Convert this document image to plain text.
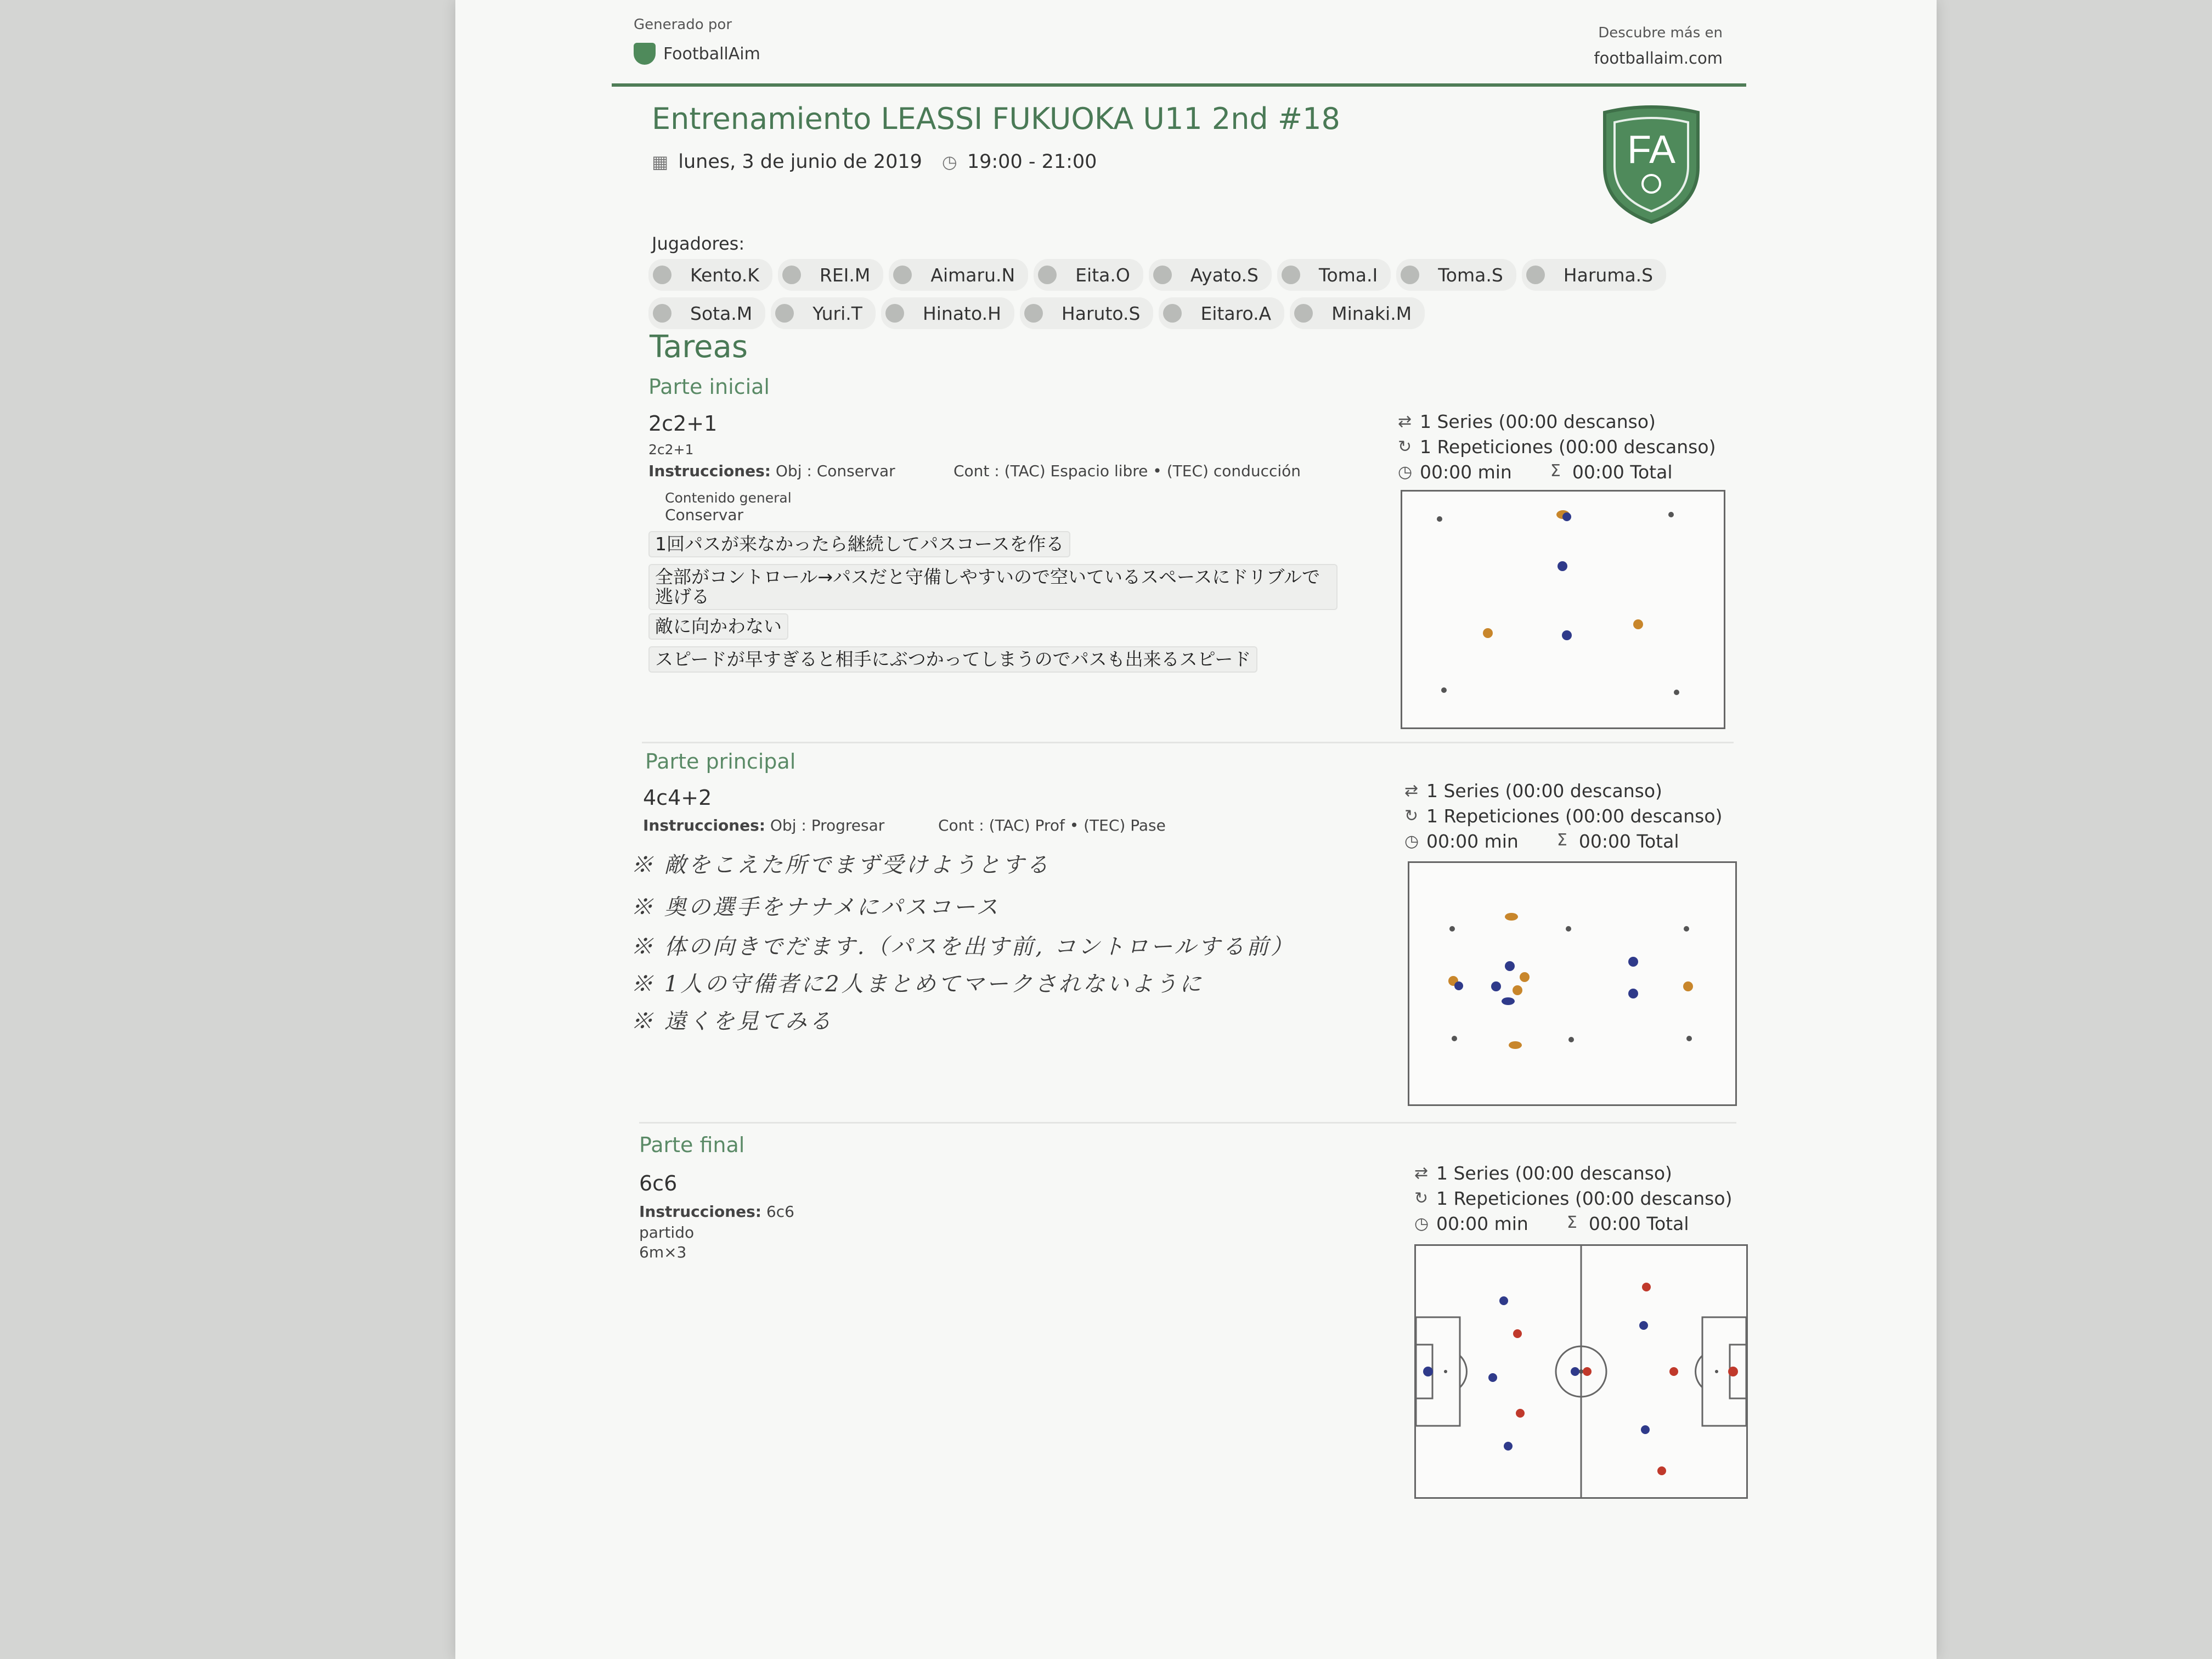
Generado por
FootballAim
Descubre más en
footballaim.com
Entrenamiento LEASSI FUKUOKA U11 2nd #18
▦ lunes, 3 de junio de 2019 ◷ 19:00 - 21:00	FA
Jugadores:
Kento.K	REI.M	Aimaru.N	Eita.O	Ayato.S	Toma.I	Toma.S	Haruma.S
Sota.M	Yuri.T	Hinato.H	Haruto.S	Eitaro.A	Minaki.M
Tareas
Parte inicial
2c2+1
2c2+1
Instrucciones: Obj : Conservar	Cont : (TAC) Espacio libre • (TEC) conducción
Contenido general
Conservar
1回パスが来なかったら継続してパスコースを作る
全部がコントロール→パスだと守備しやすいので空いているスペースにドリブルで逃げる
敵に向かわない
スピードが早すぎると相手にぶつかってしまうのでパスも出来るスピード
⇄ 1 Series (00:00 descanso)
↻ 1 Repeticiones (00:00 descanso)
◷ 00:00 min Σ 00:00 Total
Parte principal
4c4+2
Instrucciones: Obj : Progresar	Cont : (TAC) Prof • (TEC) Pase
※ 敵をこえた所でまず受けようとする
※ 奥の選手をナナメにパスコース
※ 体の向きでだます.（パスを出す前, コントロールする前）
※ 1人の守備者に2人まとめてマークされないように
※ 遠くを見てみる
⇄ 1 Series (00:00 descanso)
↻ 1 Repeticiones (00:00 descanso)
◷ 00:00 min Σ 00:00 Total
Parte final
6c6
Instrucciones: 6c6
partido
6m×3
⇄ 1 Series (00:00 descanso)
↻ 1 Repeticiones (00:00 descanso)
◷ 00:00 min Σ 00:00 Total
